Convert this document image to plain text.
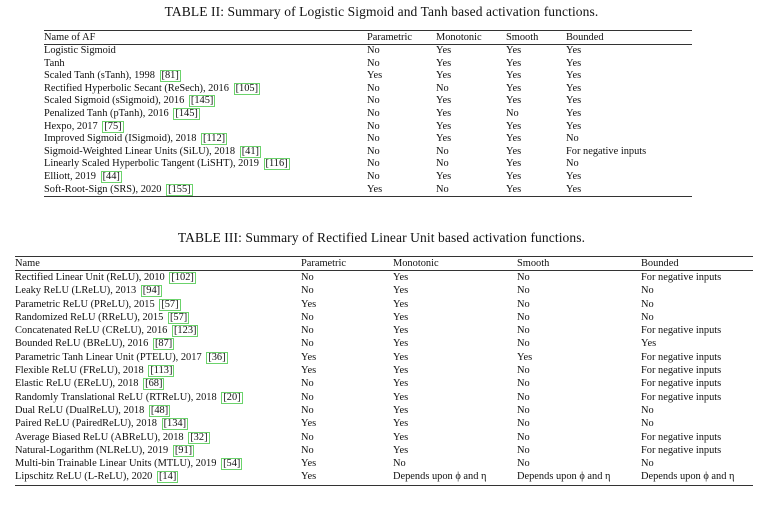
TABLE II: Summary of Logistic Sigmoid and Tanh based activation functions.
Name of AF	Parametric	Monotonic	Smooth	Bounded
Logistic Sigmoid	No	Yes	Yes	Yes
Tanh	No	Yes	Yes	Yes
Scaled Tanh (sTanh), 1998 [81]	Yes	Yes	Yes	Yes
Rectified Hyperbolic Secant (ReSech), 2016 [105]	No	No	Yes	Yes
Scaled Sigmoid (sSigmoid), 2016 [145]	No	Yes	Yes	Yes
Penalized Tanh (pTanh), 2016 [145]	No	Yes	No	Yes
Hexpo, 2017 [75]	No	Yes	Yes	Yes
Improved Sigmoid (ISigmoid), 2018 [112]	No	Yes	Yes	No
Sigmoid-Weighted Linear Units (SiLU), 2018 [41]	No	No	Yes	For negative inputs
Linearly Scaled Hyperbolic Tangent (LiSHT), 2019 [116]	No	No	Yes	No
Elliott, 2019 [44]	No	Yes	Yes	Yes
Soft-Root-Sign (SRS), 2020 [155]	Yes	No	Yes	Yes
TABLE III: Summary of Rectified Linear Unit based activation functions.
Name	Parametric	Monotonic	Smooth	Bounded
Rectified Linear Unit (ReLU), 2010 [102]	No	Yes	No	For negative inputs
Leaky ReLU (LReLU), 2013 [94]	No	Yes	No	No
Parametric ReLU (PReLU), 2015 [57]	Yes	Yes	No	No
Randomized ReLU (RReLU), 2015 [57]	No	Yes	No	No
Concatenated ReLU (CReLU), 2016 [123]	No	Yes	No	For negative inputs
Bounded ReLU (BReLU), 2016 [87]	No	Yes	No	Yes
Parametric Tanh Linear Unit (PTELU), 2017 [36]	Yes	Yes	Yes	For negative inputs
Flexible ReLU (FReLU), 2018 [113]	Yes	Yes	No	For negative inputs
Elastic ReLU (EReLU), 2018 [68]	No	Yes	No	For negative inputs
Randomly Translational ReLU (RTReLU), 2018 [20]	No	Yes	No	For negative inputs
Dual ReLU (DualReLU), 2018 [48]	No	Yes	No	No
Paired ReLU (PairedReLU), 2018 [134]	Yes	Yes	No	No
Average Biased ReLU (ABReLU), 2018 [32]	No	Yes	No	For negative inputs
Natural-Logarithm (NLReLU), 2019 [91]	No	Yes	No	For negative inputs
Multi-bin Trainable Linear Units (MTLU), 2019 [54]	Yes	No	No	No
Lipschitz ReLU (L-ReLU), 2020 [14]	Yes	Depends upon ϕ and η	Depends upon ϕ and η	Depends upon ϕ and η
